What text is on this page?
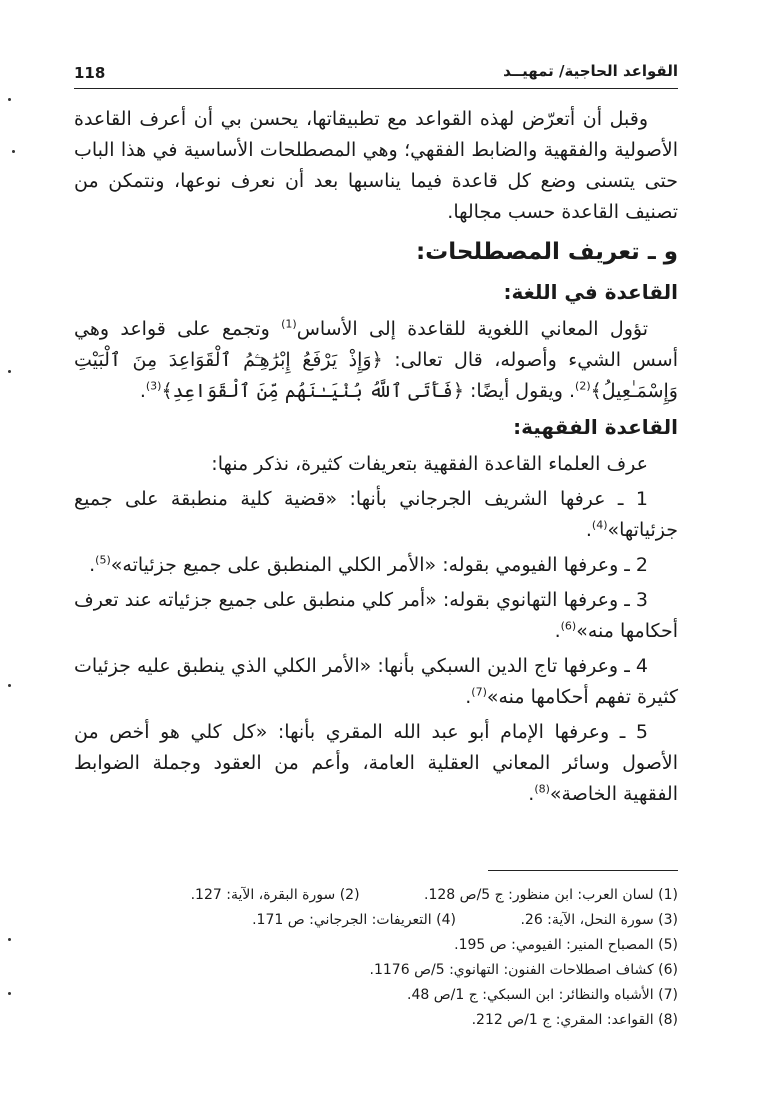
118	القواعد الحاجية/ تمهيــد

وقبل أن أتعرّض لهذه القواعد مع تطبيقاتها، يحسن بي أن أعرف القاعدة الأصولية والفقهية والضابط الفقهي؛ وهي المصطلحات الأساسية في هذا الباب حتى يتسنى وضع كل قاعدة فيما يناسبها بعد أن نعرف نوعها، ونتمكن من تصنيف القاعدة حسب مجالها.

و ـ تعريف المصطلحات:
القاعدة في اللغة:

تؤول المعاني اللغوية للقاعدة إلى الأساس$^{(1)}$ وتجمع على قواعد وهي أسس الشيء وأصوله، قال تعالى: ﴿وَإِذْ يَرْفَعُ إِبْرَٰهِـۧمُ ٱلْقَوَاعِدَ مِنَ ٱلْبَيْتِ وَإِسْمَـٰعِيلُ﴾$^{(2)}$. ويقول أيضًا: ﴿فَأَتَى ٱللَّهُ بُنْيَـٰنَهُم مِّنَ ٱلْقَوَاعِدِ﴾$^{(3)}$.

القاعدة الفقهية:

عرف العلماء القاعدة الفقهية بتعريفات كثيرة، نذكر منها:

1 ـ عرفها الشريف الجرجاني بأنها: «قضية كلية منطبقة على جميع جزئياتها»$^{(4)}$.

2 ـ وعرفها الفيومي بقوله: «الأمر الكلي المنطبق على جميع جزئياته»$^{(5)}$.

3 ـ وعرفها التهانوي بقوله: «أمر كلي منطبق على جميع جزئياته عند تعرف أحكامها منه»$^{(6)}$.

4 ـ وعرفها تاج الدين السبكي بأنها: «الأمر الكلي الذي ينطبق عليه جزئيات كثيرة تفهم أحكامها منه»$^{(7)}$.

5 ـ وعرفها الإمام أبو عبد الله المقري بأنها: «كل كلي هو أخص من الأصول وسائر المعاني العقلية العامة، وأعم من العقود وجملة الضوابط الفقهية الخاصة»$^{(8)}$.

(1) لسان العرب: ابن منظور: ج 5/ص 128. (2) سورة البقرة، الآية: 127.
(3) سورة النحل، الآية: 26. (4) التعريفات: الجرجاني: ص 171.
(5) المصباح المنير: الفيومي: ص 195.
(6) كشاف اصطلاحات الفنون: التهانوي: 5/ص 1176.
(7) الأشباه والنظائر: ابن السبكي: ج 1/ص 48.
(8) القواعد: المقري: ج 1/ص 212.
